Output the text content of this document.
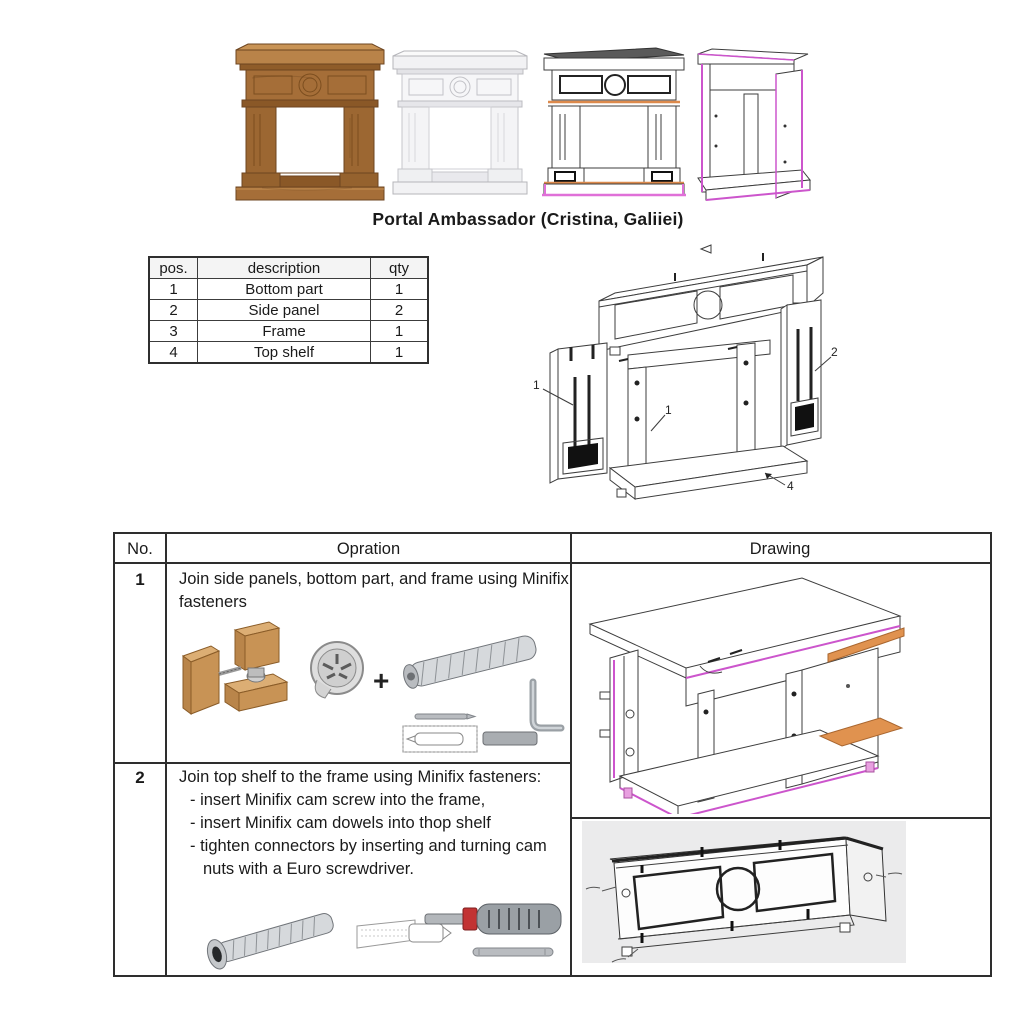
Portal Ambassador (Cristina, Galiiei)
pos.	description	qty
1	Bottom part	1
2	Side panel	2
3	Frame	1
4	Top shelf	1
1
1
2
4
No.	Opration	Drawing
1	Join side panels, bottom part, and frame using Minifix fasteners
+
2	Join top shelf to the frame using Minifix fasteners:
- insert Minifix cam screw into the frame,
- insert Minifix cam dowels into thop shelf
- tighten connectors by inserting and turning cam nuts with a Euro screwdriver.
